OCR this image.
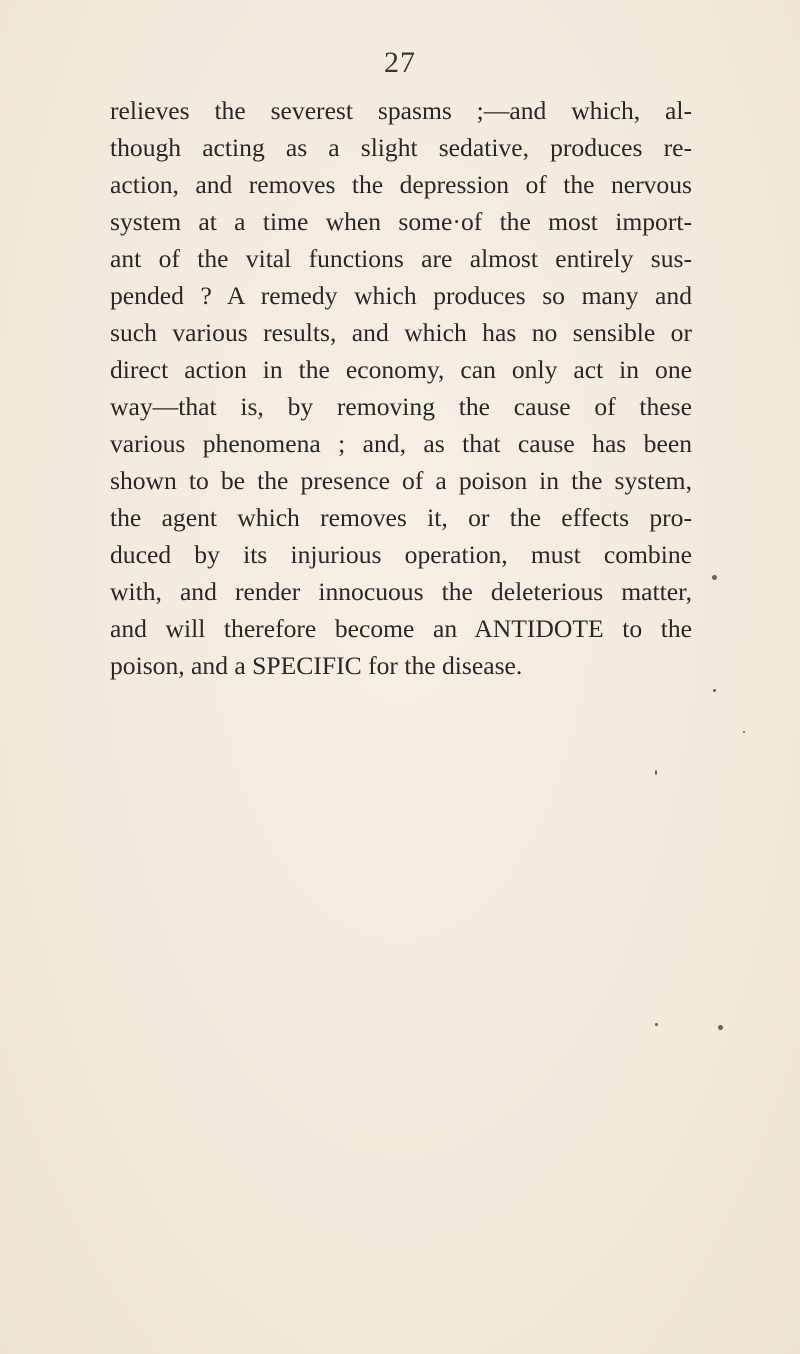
27
relieves the severest spasms ;—and which, al-
though acting as a slight sedative, produces re-
action, and removes the depression of the nervous
system at a time when some·of the most import-
ant of the vital functions are almost entirely sus-
pended ? A remedy which produces so many and
such various results, and which has no sensible or
direct action in the economy, can only act in one
way—that is, by removing the cause of these
various phenomena ; and, as that cause has been
shown to be the presence of a poison in the system,
the agent which removes it, or the effects pro-
duced by its injurious operation, must combine
with, and render innocuous the deleterious matter,
and will therefore become an ANTIDOTE to the
poison, and a SPECIFIC for the disease.
